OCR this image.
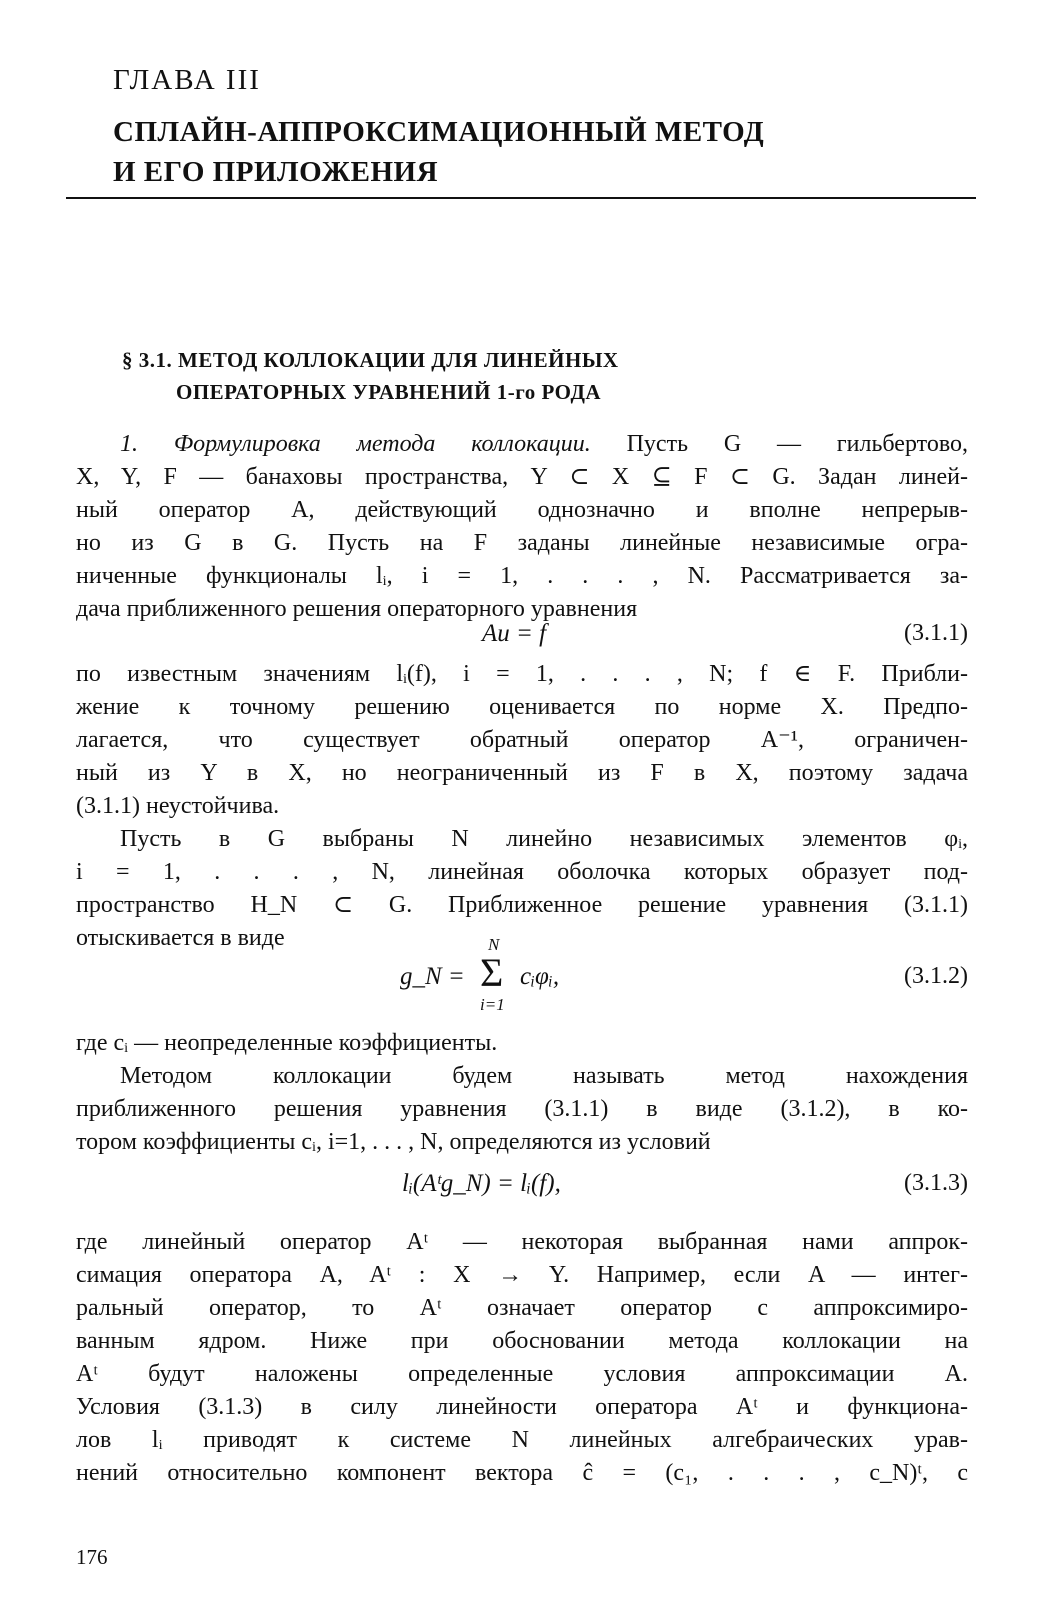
ГЛАВА III
СПЛАЙН-АППРОКСИМАЦИОННЫЙ МЕТОД
И ЕГО ПРИЛОЖЕНИЯ
§ 3.1. МЕТОД КОЛЛОКАЦИИ ДЛЯ ЛИНЕЙНЫХ
ОПЕРАТОРНЫХ УРАВНЕНИЙ 1-го РОДА
1. Формулировка метода коллокации. Пусть G — гильбертово,
X, Y, F — банаховы пространства, Y ⊂ X ⊆ F ⊂ G. Задан линей-
ный оператор A, действующий однозначно и вполне непрерыв-
но из G в G. Пусть на F заданы линейные независимые огра-
ниченные функционалы lᵢ, i = 1, . . . , N. Рассматривается за-
дача приближенного решения операторного уравнения
Au = f	(3.1.1)
по известным значениям lᵢ(f), i = 1, . . . , N; f ∈ F. Прибли-
жение к точному решению оценивается по норме X. Предпо-
лагается, что существует обратный оператор A⁻¹, ограничен-
ный из Y в X, но неограниченный из F в X, поэтому задача
(3.1.1) неустойчива.
Пусть в G выбраны N линейно независимых элементов φᵢ,
i = 1, . . . , N, линейная оболочка которых образует под-
пространство H_N ⊂ G. Приближенное решение уравнения (3.1.1)
отыскивается в виде	N
g_N = Σ cᵢφᵢ,
i=1
(3.1.2)
где cᵢ — неопределенные коэффициенты.
Методом коллокации будем называть метод нахождения
приближенного решения уравнения (3.1.1) в виде (3.1.2), в ко-
тором коэффициенты cᵢ, i=1, . . . , N, определяются из условий
lᵢ(Aᵗg_N) = lᵢ(f),	(3.1.3)
где линейный оператор Aᵗ — некоторая выбранная нами аппрок-
симация оператора A, Aᵗ : X → Y. Например, если A — интег-
ральный оператор, то Aᵗ означает оператор с аппроксимиро-
ванным ядром. Ниже при обосновании метода коллокации на
Aᵗ будут наложены определенные условия аппроксимации A.
Условия (3.1.3) в силу линейности оператора Aᵗ и функциона-
лов lᵢ приводят к системе N линейных алгебраических урав-
нений относительно компонент вектора ĉ = (c₁, . . . , c_N)ᵗ, с
176
